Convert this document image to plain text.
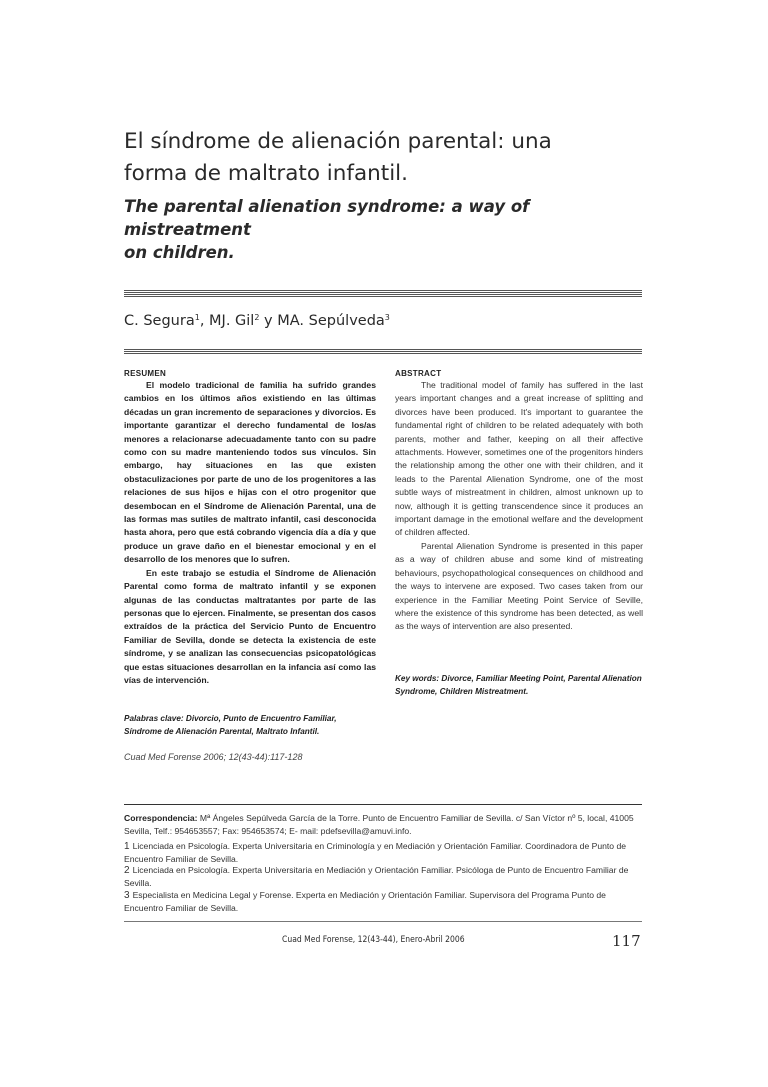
El síndrome de alienación parental: una
forma de maltrato infantil.
The parental alienation syndrome: a way of mistreatment
on children.
C. Segura$^1$, MJ. Gil$^2$ y MA. Sepúlveda$^3$
RESUMEN

El modelo tradicional de familia ha sufrido grandes cambios en los últimos años existiendo en las últimas décadas un gran incremento de separaciones y divorcios. Es importante garantizar el derecho fundamental de los/as menores a relacionarse adecuadamente tanto con su padre como con su madre manteniendo todos sus vínculos. Sin embargo, hay situaciones en las que existen obstaculizaciones por parte de uno de los progenitores a las relaciones de sus hijos e hijas con el otro progenitor que desembocan en el Síndrome de Alienación Parental, una de las formas mas sutiles de maltrato infantil, casi desconocida hasta ahora, pero que está cobrando vigencia día a día y que produce un grave daño en el bienestar emocional y en el desarrollo de los menores que lo sufren.

En este trabajo se estudia el Síndrome de Alienación Parental como forma de maltrato infantil y se exponen algunas de las conductas maltratantes por parte de las personas que lo ejercen. Finalmente, se presentan dos casos extraídos de la práctica del Servicio Punto de Encuentro Familiar de Sevilla, donde se detecta la existencia de este síndrome, y se analizan las consecuencias psicopatológicas que estas situaciones desarrollan en la infancia así como las vías de intervención.

Palabras clave: Divorcio, Punto de Encuentro Familiar, Síndrome de Alienación Parental, Maltrato Infantil.

ABSTRACT

The traditional model of family has suffered in the last years important changes and a great increase of splitting and divorces have been produced. It's important to guarantee the fundamental right of children to be related adequately with both parents, mother and father, keeping on all their affective attachments. However, sometimes one of the progenitors hinders the relationship among the other one with their children, and it leads to the Parental Alienation Syndrome, one of the most subtle ways of mistreatment in children, almost unknown up to now, although it is getting transcendence since it produces an important damage in the emotional welfare and the development of children affected.

Parental Alienation Syndrome is presented in this paper as a way of children abuse and some kind of mistreating behaviours, psychopathological consequences on childhood and the ways to intervene are exposed. Two cases taken from our experience in the Familiar Meeting Point Service of Seville, where the existence of this syndrome has been detected, as well as the ways of intervention are also presented.

Key words: Divorce, Familiar Meeting Point, Parental Alienation Syndrome, Children Mistreatment.

Cuad Med Forense 2006; 12(43-44):117-128

Correspondencia: Mª Ángeles Sepúlveda García de la Torre. Punto de Encuentro Familiar de Sevilla. c/ San Víctor nº 5, local, 41005 Sevilla, Telf.: 954653557; Fax: 954653574; E- mail: pdefsevilla@amuvi.info.

1 Licenciada en Psicología. Experta Universitaria en Criminología y en Mediación y Orientación Familiar. Coordinadora de Punto de Encuentro Familiar de Sevilla.

2 Licenciada en Psicología. Experta Universitaria en Mediación y Orientación Familiar. Psicóloga de Punto de Encuentro Familiar de Sevilla.

3 Especialista en Medicina Legal y Forense. Experta en Mediación y Orientación Familiar. Supervisora del Programa Punto de Encuentro Familiar de Sevilla.

Cuad Med Forense, 12(43-44), Enero-Abril 2006	117
